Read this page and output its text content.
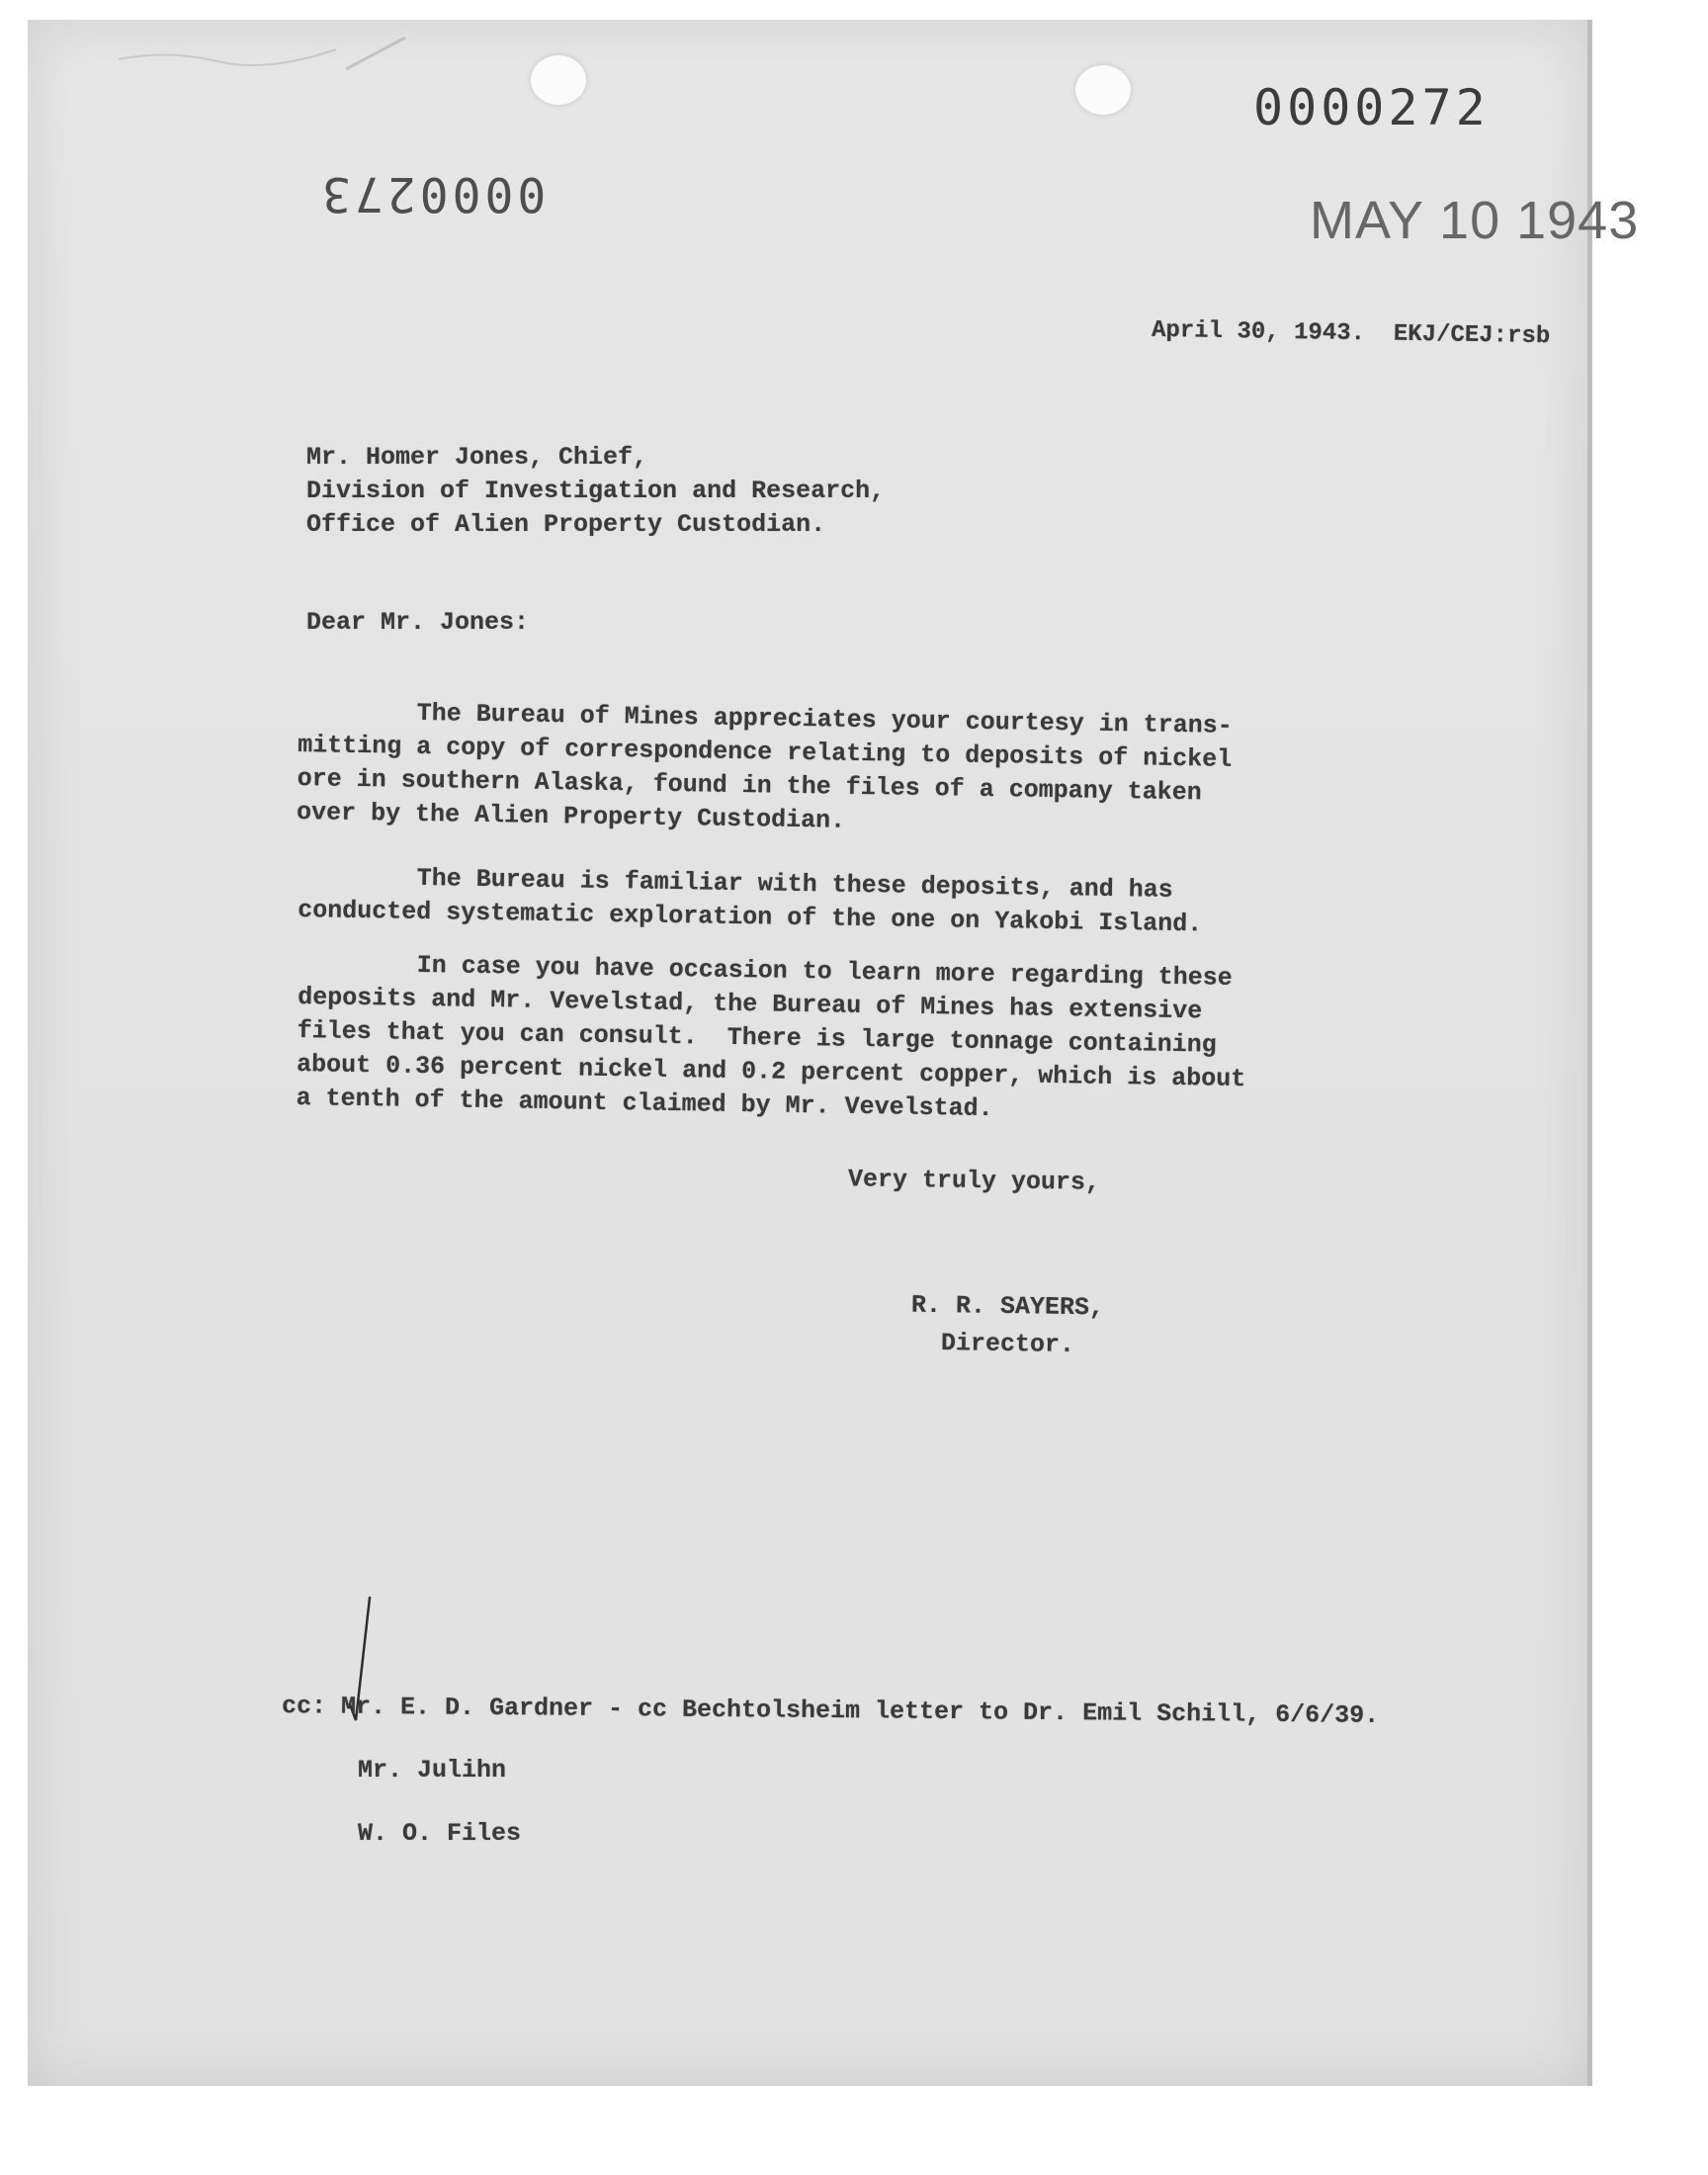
0000272
0000273	MAY 10 1943
April 30, 1943.  EKJ/CEJ:rsb
Mr. Homer Jones, Chief,
Division of Investigation and Research,
Office of Alien Property Custodian.
Dear Mr. Jones:
The Bureau of Mines appreciates your courtesy in trans-
mitting a copy of correspondence relating to deposits of nickel
ore in southern Alaska, found in the files of a company taken
over by the Alien Property Custodian.
The Bureau is familiar with these deposits, and has
conducted systematic exploration of the one on Yakobi Island.
In case you have occasion to learn more regarding these
deposits and Mr. Vevelstad, the Bureau of Mines has extensive
files that you can consult.  There is large tonnage containing
about 0.36 percent nickel and 0.2 percent copper, which is about
a tenth of the amount claimed by Mr. Vevelstad.
Very truly yours,
R. R. SAYERS,
Director.
cc: Mr. E. D. Gardner - cc Bechtolsheim letter to Dr. Emil Schill, 6/6/39.
Mr. Julihn
W. O. Files
